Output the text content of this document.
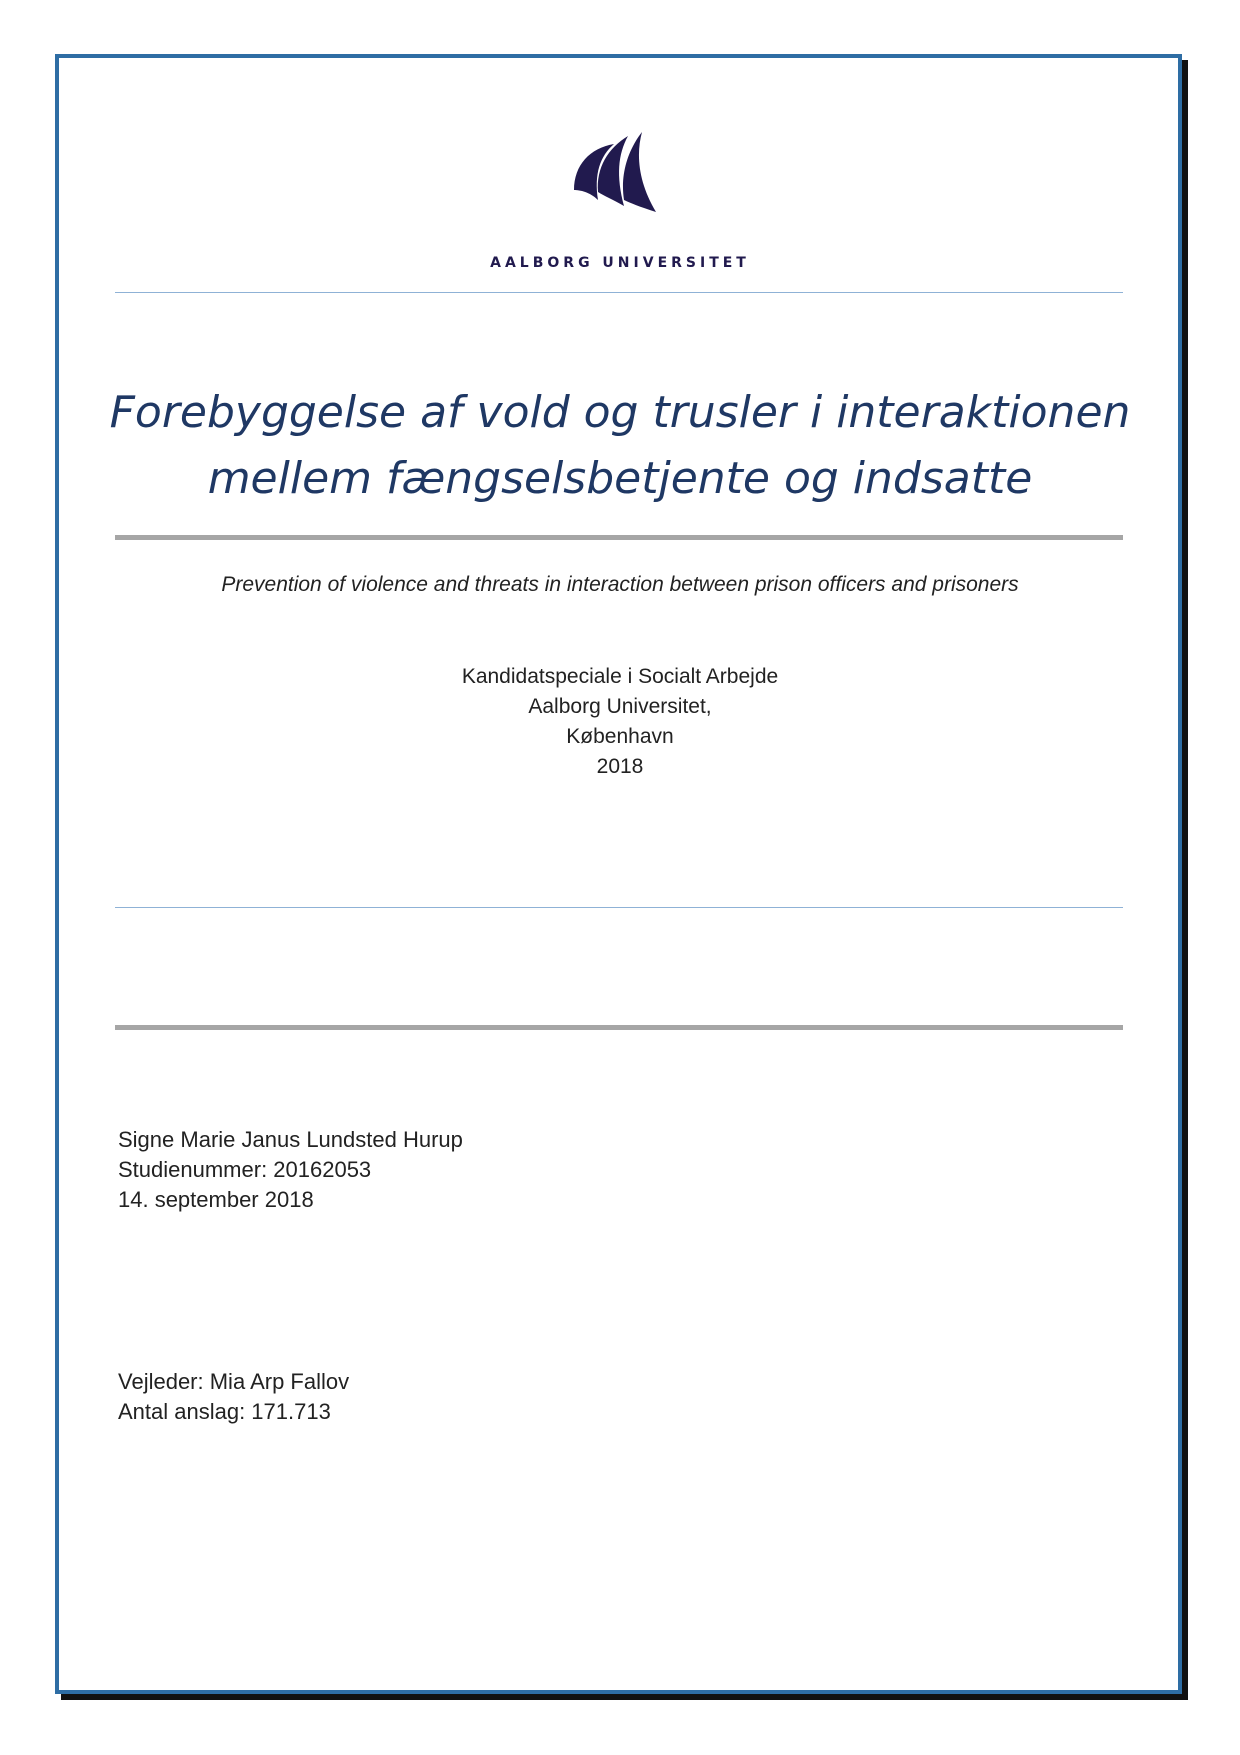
AALBORG UNIVERSITET
Forebyggelse af vold og trusler i interaktionen
mellem fængselsbetjente og indsatte
Prevention of violence and threats in interaction between prison officers and prisoners
Kandidatspeciale i Socialt Arbejde
Aalborg Universitet,
København
2018
Signe Marie Janus Lundsted Hurup
Studienummer: 20162053
14. september 2018
Vejleder: Mia Arp Fallov
Antal anslag: 171.713
